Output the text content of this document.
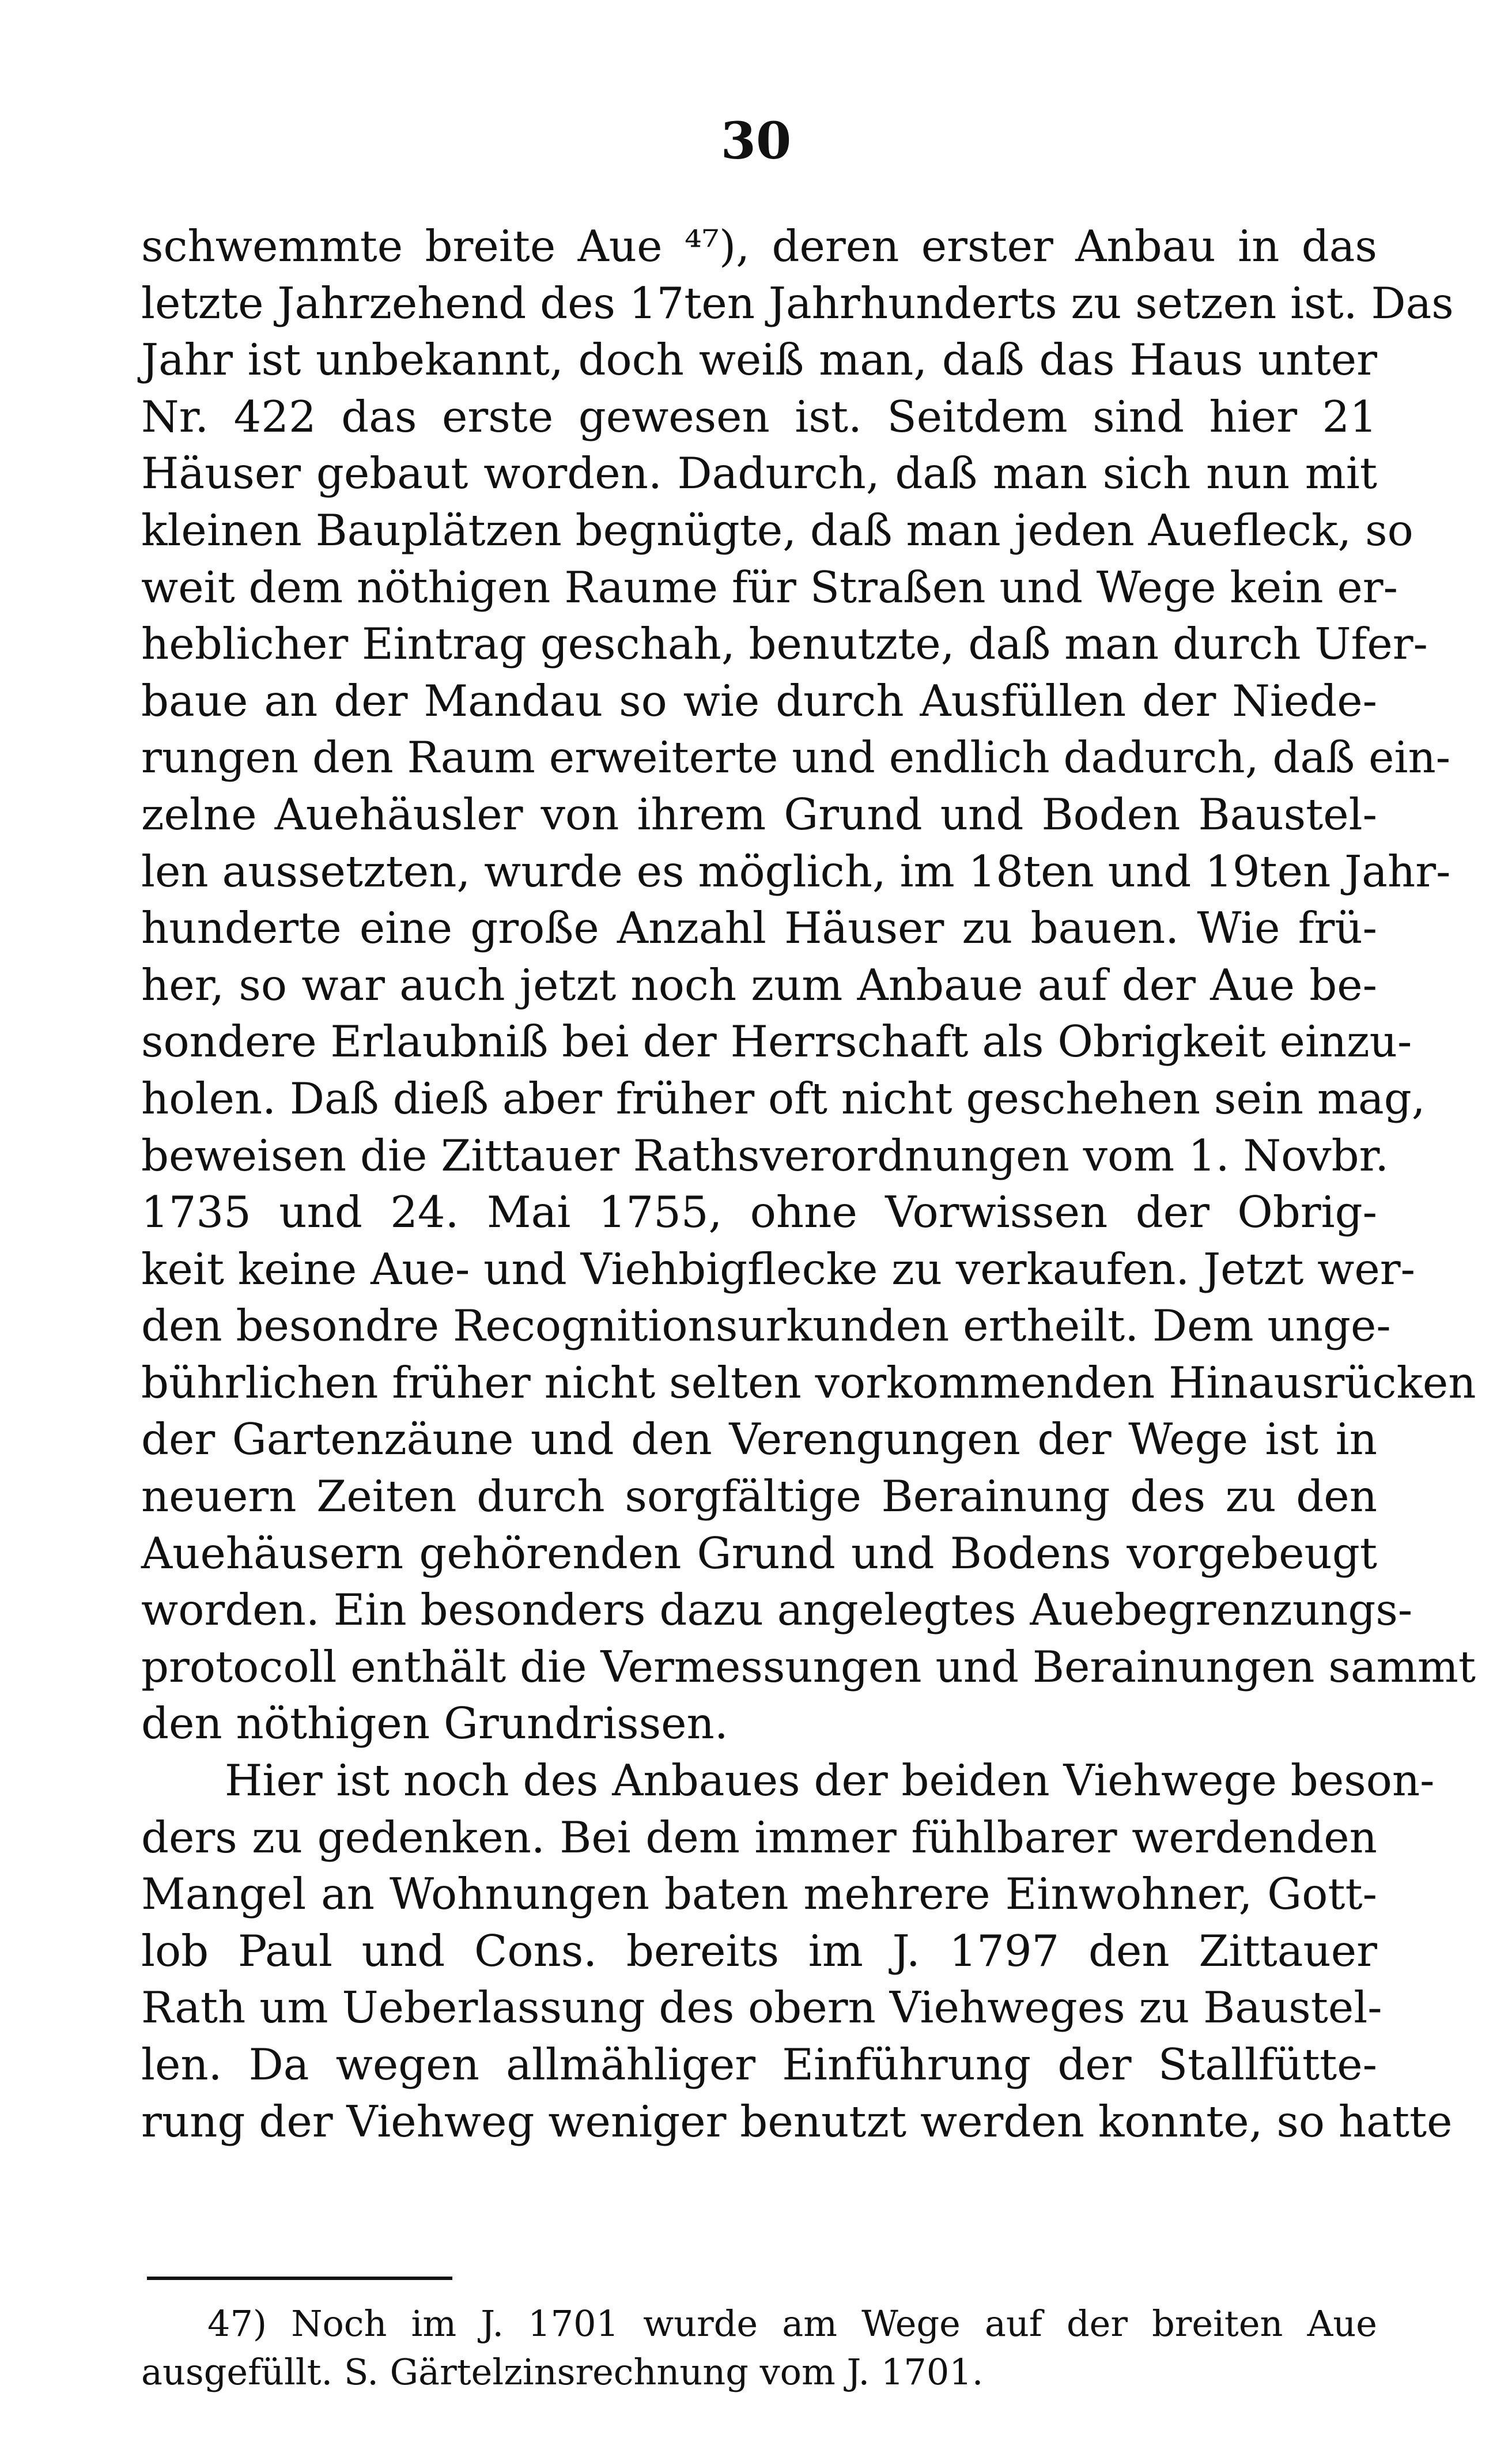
30
schwemmte breite Aue ⁴⁷), deren erster Anbau in das
letzte Jahrzehend des 17ten Jahrhunderts zu setzen ist. Das
Jahr ist unbekannt, doch weiß man, daß das Haus unter
Nr. 422 das erste gewesen ist. Seitdem sind hier 21
Häuser gebaut worden. Dadurch, daß man sich nun mit
kleinen Bauplätzen begnügte, daß man jeden Auefleck, so
weit dem nöthigen Raume für Straßen und Wege kein er-
heblicher Eintrag geschah, benutzte, daß man durch Ufer-
baue an der Mandau so wie durch Ausfüllen der Niede-
rungen den Raum erweiterte und endlich dadurch, daß ein-
zelne Auehäusler von ihrem Grund und Boden Baustel-
len aussetzten, wurde es möglich, im 18ten und 19ten Jahr-
hunderte eine große Anzahl Häuser zu bauen. Wie frü-
her, so war auch jetzt noch zum Anbaue auf der Aue be-
sondere Erlaubniß bei der Herrschaft als Obrigkeit einzu-
holen. Daß dieß aber früher oft nicht geschehen sein mag,
beweisen die Zittauer Rathsverordnungen vom 1. Novbr.
1735 und 24. Mai 1755, ohne Vorwissen der Obrig-
keit keine Aue- und Viehbigflecke zu verkaufen. Jetzt wer-
den besondre Recognitionsurkunden ertheilt. Dem unge-
bührlichen früher nicht selten vorkommenden Hinausrücken
der Gartenzäune und den Verengungen der Wege ist in
neuern Zeiten durch sorgfältige Berainung des zu den
Auehäusern gehörenden Grund und Bodens vorgebeugt
worden. Ein besonders dazu angelegtes Auebegrenzungs-
protocoll enthält die Vermessungen und Berainungen sammt
den nöthigen Grundrissen.
Hier ist noch des Anbaues der beiden Viehwege beson-
ders zu gedenken. Bei dem immer fühlbarer werdenden
Mangel an Wohnungen baten mehrere Einwohner, Gott-
lob Paul und Cons. bereits im J. 1797 den Zittauer
Rath um Ueberlassung des obern Viehweges zu Baustel-
len. Da wegen allmähliger Einführung der Stallfütte-
rung der Viehweg weniger benutzt werden konnte, so hatte
47) Noch im J. 1701 wurde am Wege auf der breiten Aue
ausgefüllt. S. Gärtelzinsrechnung vom J. 1701.
